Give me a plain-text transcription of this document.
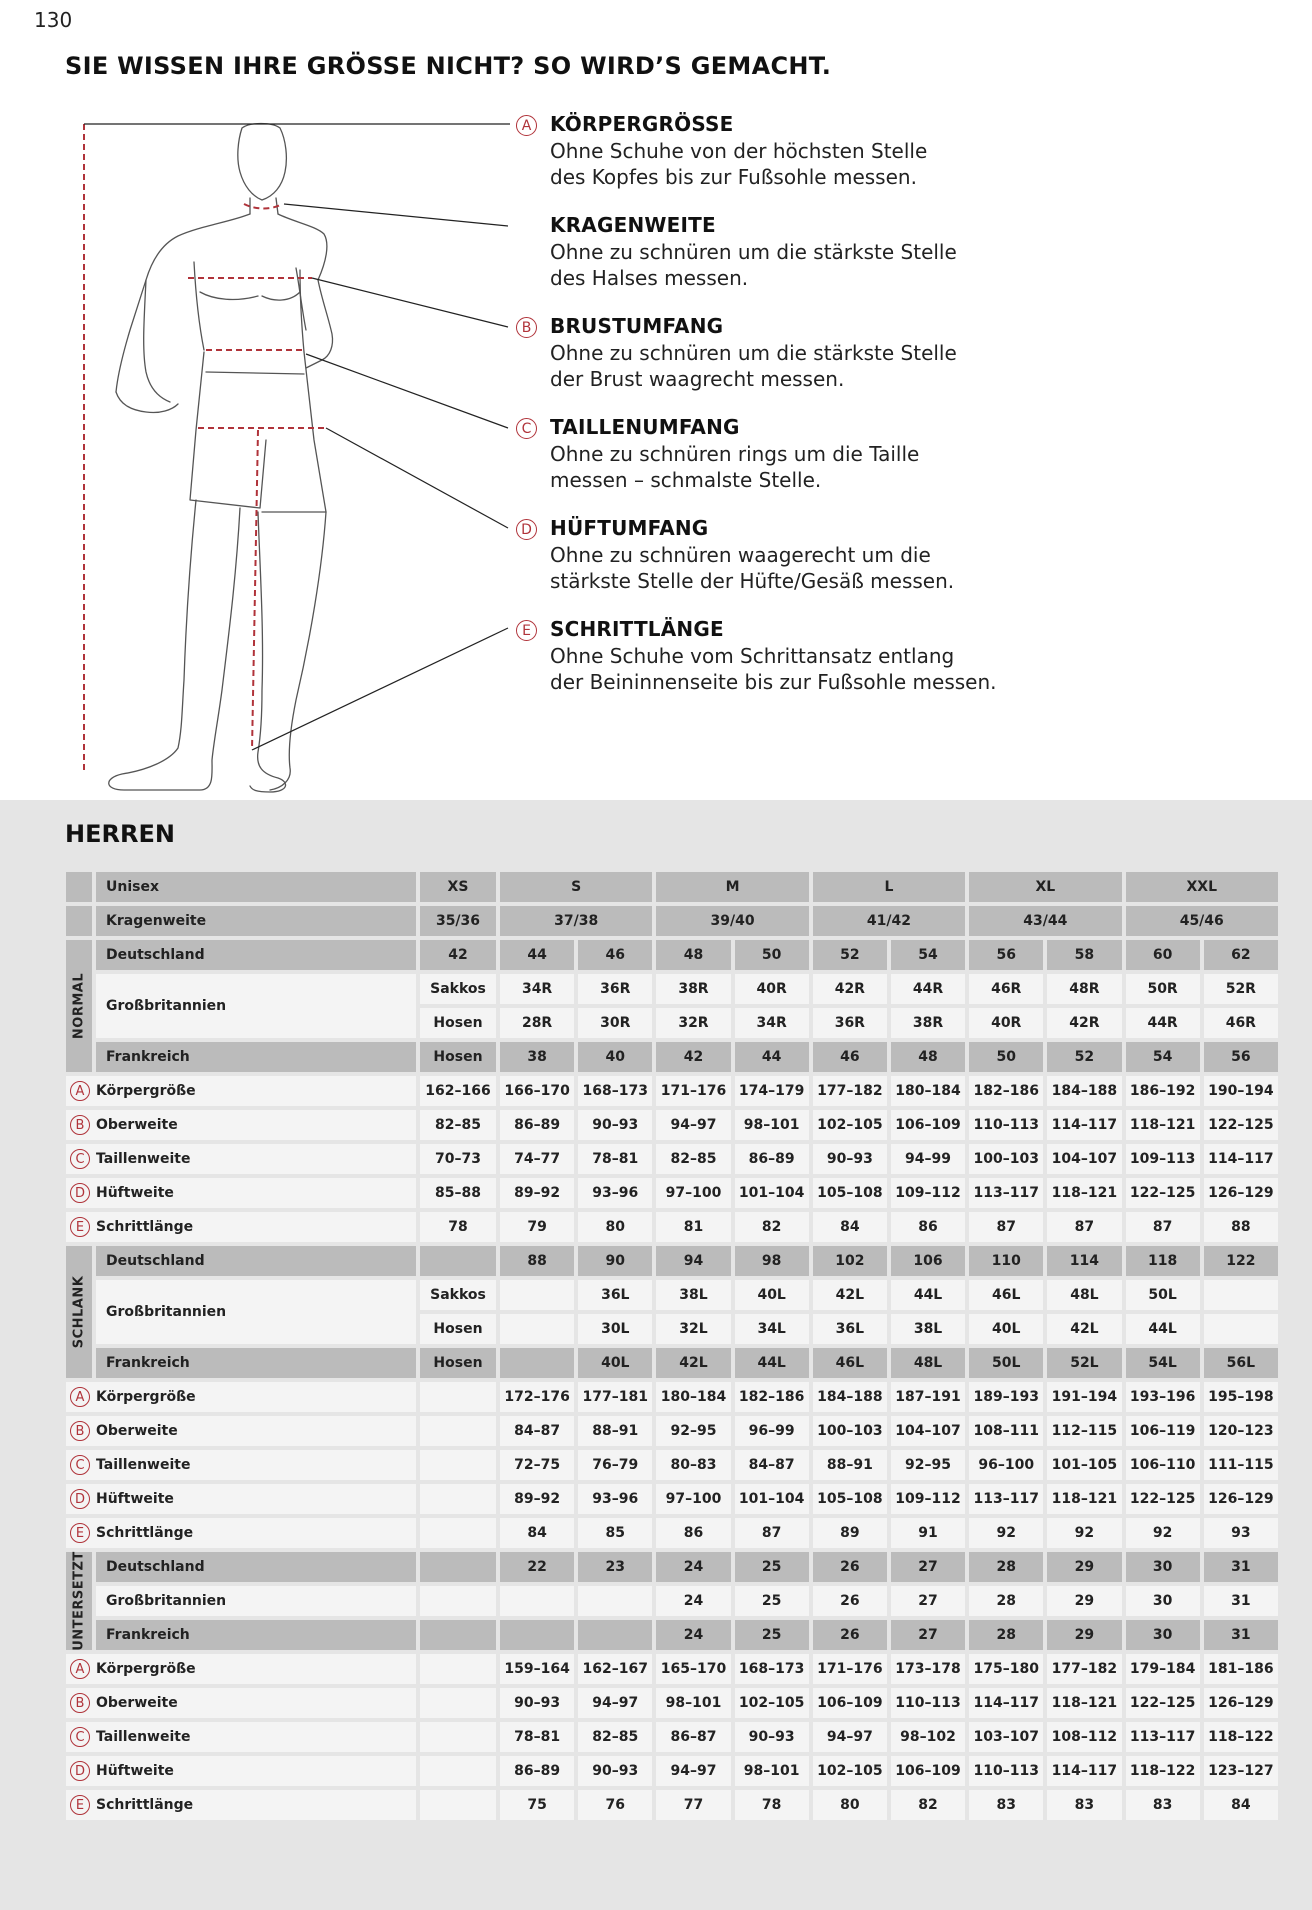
130
SIE WISSEN IHRE GRÖSSE NICHT? SO WIRD’S GEMACHT.
A KÖRPERGRÖSSE
Ohne Schuhe von der höchsten Stelle
des Kopfes bis zur Fußsohle messen.
KRAGENWEITE
Ohne zu schnüren um die stärkste Stelle
des Halses messen.
B BRUSTUMFANG
Ohne zu schnüren um die stärkste Stelle
der Brust waagrecht messen.
C TAILLENUMFANG
Ohne zu schnüren rings um die Taille
messen – schmalste Stelle.
D HÜFTUMFANG
Ohne zu schnüren waagerecht um die
stärkste Stelle der Hüfte/Gesäß messen.
E SCHRITTLÄNGE
Ohne Schuhe vom Schrittansatz entlang
der Beininnenseite bis zur Fußsohle messen.
HERREN
	Unisex	XS	S		M		L		XL		XXL	
	Kragenweite	35/36	37/38		39/40		41/42		43/44		45/46	

NORMAL	Deutschland	42	44	46	48	50	52	54	56	58	60	62
	Großbritannien	Sakkos	34R	36R	38R	40R	42R	44R	46R	48R	50R	52R
		Hosen	28R	30R	32R	34R	36R	38R	40R	42R	44R	46R
	Frankreich	Hosen	38	40	42	44	46	48	50	52	54	56
A Körpergröße		162–166	166–170	168–173	171–176	174–179	177–182	180–184	182–186	184–188	186–192	190–194
B Oberweite		82–85	86–89	90–93	94–97	98–101	102–105	106–109	110–113	114–117	118–121	122–125
C Taillenweite		70–73	74–77	78–81	82–85	86–89	90–93	94–99	100–103	104–107	109–113	114–117
D Hüftweite		85–88	89–92	93–96	97–100	101–104	105–108	109–112	113–117	118–121	122–125	126–129
E Schrittlänge		78	79	80	81	82	84	86	87	87	87	88

SCHLANK	Deutschland		88	90	94	98	102	106	110	114	118	122
	Großbritannien	Sakkos		36L	38L	40L	42L	44L	46L	48L	50L	
		Hosen		30L	32L	34L	36L	38L	40L	42L	44L	
	Frankreich	Hosen		40L	42L	44L	46L	48L	50L	52L	54L	56L
A Körpergröße			172–176	177–181	180–184	182–186	184–188	187–191	189–193	191–194	193–196	195–198
B Oberweite			84–87	88–91	92–95	96–99	100–103	104–107	108–111	112–115	106–119	120–123
C Taillenweite			72–75	76–79	80–83	84–87	88–91	92–95	96–100	101–105	106–110	111–115
D Hüftweite			89–92	93–96	97–100	101–104	105–108	109–112	113–117	118–121	122–125	126–129
E Schrittlänge			84	85	86	87	89	91	92	92	92	93

UNTERSETZT	Deutschland		22	23	24	25	26	27	28	29	30	31
	Großbritannien				24	25	26	27	28	29	30	31
	Frankreich				24	25	26	27	28	29	30	31
A Körpergröße			159–164	162–167	165–170	168–173	171–176	173–178	175–180	177–182	179–184	181–186
B Oberweite			90–93	94–97	98–101	102–105	106–109	110–113	114–117	118–121	122–125	126–129
C Taillenweite			78–81	82–85	86–87	90–93	94–97	98–102	103–107	108–112	113–117	118–122
D Hüftweite			86–89	90–93	94–97	98–101	102–105	106–109	110–113	114–117	118–122	123–127
E Schrittlänge			75	76	77	78	80	82	83	83	83	84
